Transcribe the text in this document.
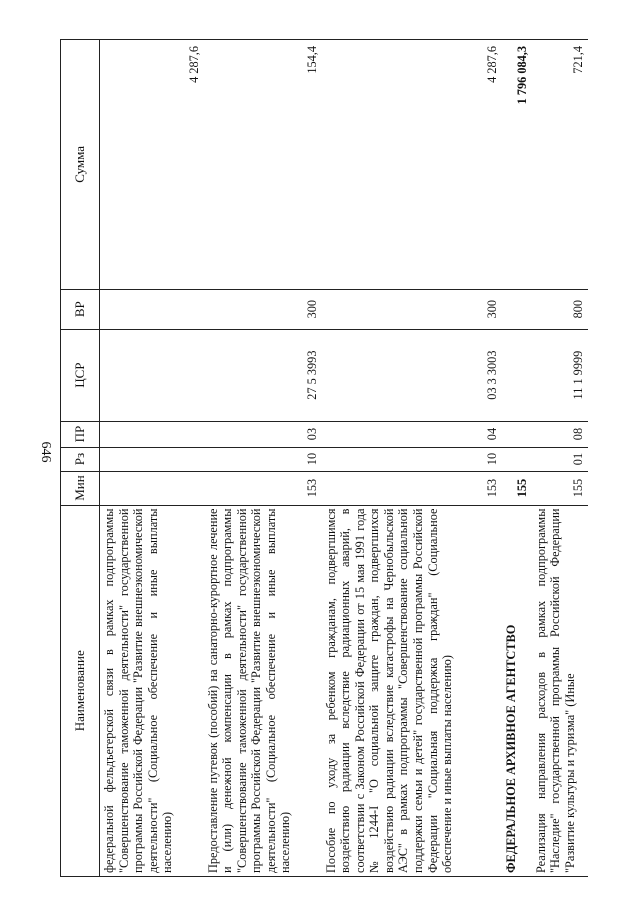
646
Наименование	Мин	Рз	ПР	ЦСР	ВР	Сумма
федеральной фельдъегерской связи в рамках подпрограммы "Совершенствование таможенной деятельности" государственной программы Российской Федерации "Развитие внешнеэкономической деятельности" (Социальное обеспечение и иные выплаты населению)						4 287,6
Предоставление путевок (пособий) на санаторно-курортное лечение и (или) денежной компенсации в рамках подпрограммы "Совершенствование таможенной деятельности" государственной программы Российской Федерации "Развитие внешнеэкономической деятельности" (Социальное обеспечение и иные выплаты населению)	153	10	03	27 5 3993	300	154,4
Пособие по уходу за ребенком гражданам, подвергшимся воздействию радиации вследствие радиационных аварий, в соответствии с Законом Российской Федерации от 15 мая 1991 года № 1244-I "О социальной защите граждан, подвергшихся воздействию радиации вследствие катастрофы на Чернобыльской АЭС" в рамках подпрограммы "Совершенствование социальной поддержки семьи и детей" государственной программы Российской Федерации "Социальная поддержка граждан" (Социальное обеспечение и иные выплаты населению)	153	10	04	03 3 3003	300	4 287,6
ФЕДЕРАЛЬНОЕ АРХИВНОЕ АГЕНТСТВО	155					1 796 084,3
Реализация направления расходов в рамках подпрограммы "Наследие" государственной программы Российской Федерации "Развитие культуры и туризма" (Иные	155	01	08	11 1 9999	800	721,4
